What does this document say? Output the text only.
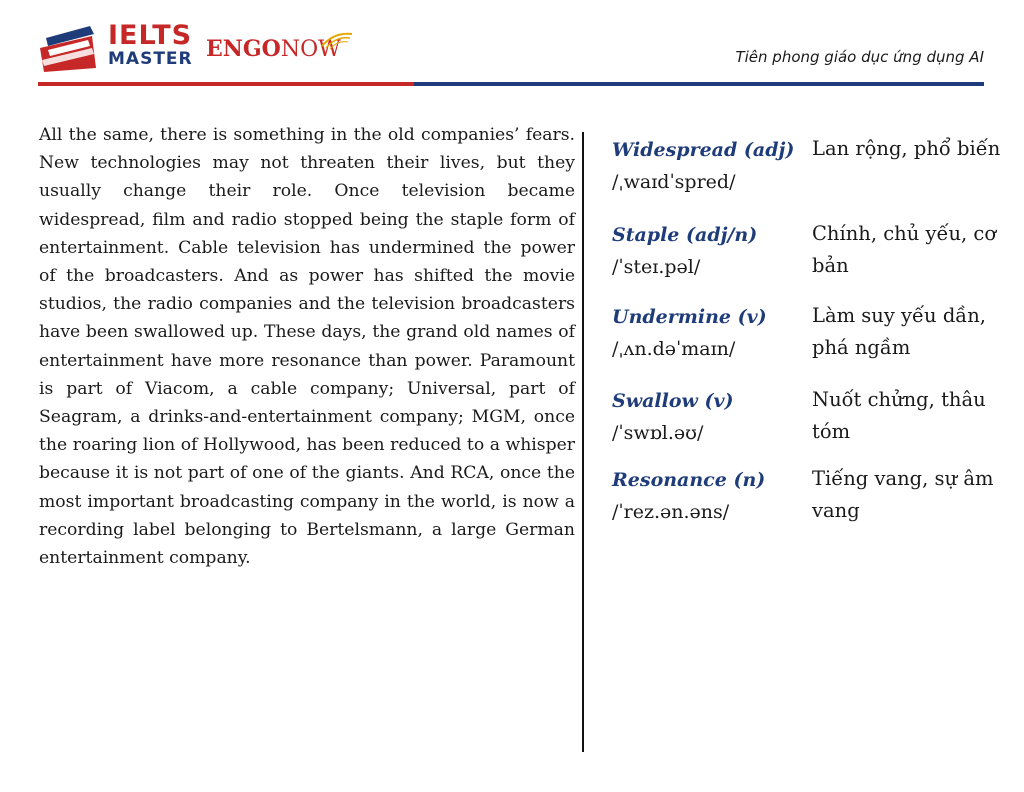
IELTS
MASTER ENGONOW	Tiên phong giáo dục ứng dụng AI

All the same, there is something in the old companies’ fears. New technologies may not threaten their lives, but they usually change their role. Once television became widespread, film and radio stopped being the staple form of entertainment. Cable television has undermined the power of the broadcasters. And as power has shifted the movie studios, the radio companies and the television broadcasters have been swallowed up. These days, the grand old names of entertainment have more resonance than power. Paramount is part of Viacom, a cable company; Universal, part of Seagram, a drinks-and-entertainment company; MGM, once the roaring lion of Hollywood, has been reduced to a whisper because it is not part of one of the giants. And RCA, once the most important broadcasting company in the world, is now a recording label belonging to Bertelsmann, a large German entertainment company.

Widespread (adj)
/ˌwaɪdˈspred/
Lan rộng, phổ biến
Staple (adj/n)
/ˈsteɪ.pəl/
Chính, chủ yếu, cơ bản
Undermine (v)
/ˌʌn.dəˈmaɪn/
Làm suy yếu dần, phá ngầm
Swallow (v)
/ˈswɒl.əʊ/
Nuốt chửng, thâu tóm
Resonance (n)
/ˈrez.ən.əns/
Tiếng vang, sự âm vang
